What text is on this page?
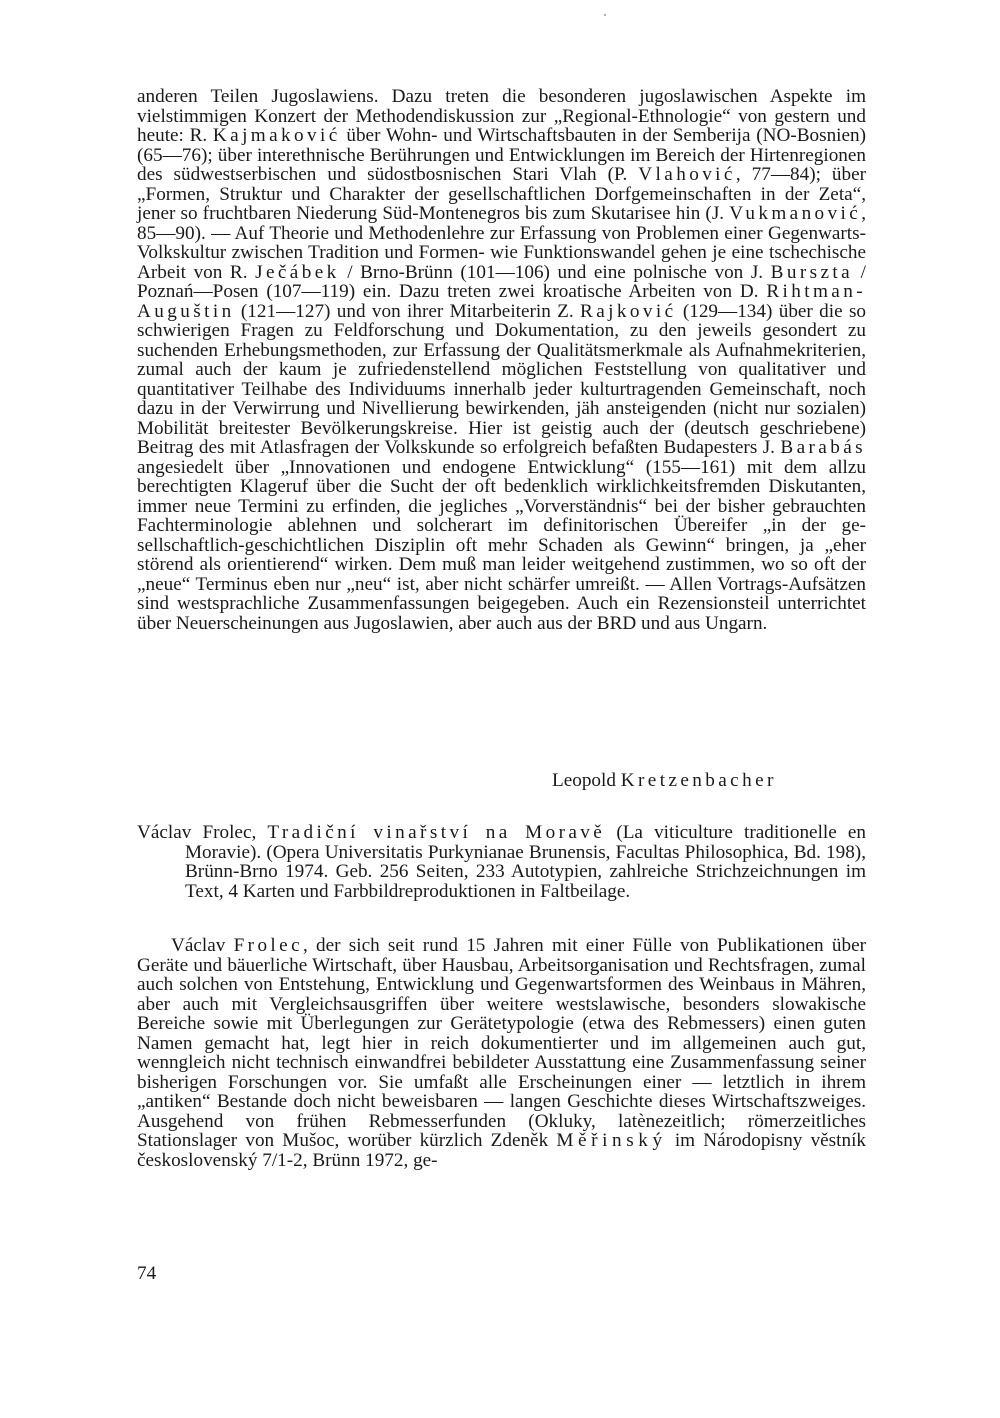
anderen Teilen Jugoslawiens. Dazu treten die besonderen jugoslawischen Aspekte im vielstimmigen Konzert der Methodendiskussion zur „Regional-Ethnologie“ von gestern und heute: R. Kajmaković über Wohn- und Wirtschaftsbauten in der Semberija (NO-Bosnien) (65—76); über interethnische Berührungen und Entwicklungen im Bereich der Hirtenregionen des südwestserbischen und südostbosnischen Stari Vlah (P. Vlahović, 77—84); über „Formen, Struktur und Charakter der gesellschaftlichen Dorfgemeinschaften in der Zeta“, jener so fruchtbaren Niederung Süd-Montenegros bis zum Skutarisee hin (J. Vukmanović, 85—90). — Auf Theorie und Methodenlehre zur Erfassung von Problemen einer Gegenwarts-Volkskultur zwischen Tradition und Formen- wie Funktionswandel gehen je eine tschechische Arbeit von R. Ječábek / Brno-Brünn (101—106) und eine polnische von J. Burszta / Poznań—Posen (107—119) ein. Dazu treten zwei kroatische Arbeiten von D. Rihtman-Auguštin (121—127) und von ihrer Mitarbeiterin Z. Rajković (129—134) über die so schwierigen Fragen zu Feldforschung und Dokumentation, zu den jeweils gesondert zu suchenden Erhebungsmethoden, zur Erfassung der Qualitätsmerkmale als Aufnahmekriterien, zumal auch der kaum je zufriedenstellend möglichen Feststellung von qualitativer und quantitativer Teilhabe des Individuums innerhalb jeder kulturtragenden Gemeinschaft, noch dazu in der Verwirrung und Nivellierung bewirkenden, jäh ansteigenden (nicht nur sozialen) Mobilität breitester Bevölkerungskreise. Hier ist geistig auch der (deutsch geschriebene) Beitrag des mit Atlasfragen der Volkskunde so erfolgreich befaßten Budapesters J. Barabás angesiedelt über „Innovationen und endogene Entwicklung“ (155—161) mit dem allzu berechtigten Klageruf über die Sucht der oft bedenklich wirklichkeitsfremden Diskutanten, immer neue Termini zu erfinden, die jegliches „Vorverständnis“ bei der bisher gebrauchten Fachterminologie ablehnen und solcherart im definitorischen Übereifer „in der gesellschaftlich-geschichtlichen Disziplin oft mehr Schaden als Gewinn“ bringen, ja „eher störend als orientierend“ wirken. Dem muß man leider weitgehend zustimmen, wo so oft der „neue“ Terminus eben nur „neu“ ist, aber nicht schärfer umreißt. — Allen Vortrags-Aufsätzen sind westsprachliche Zusammenfassungen beigegeben. Auch ein Rezensionsteil unterrichtet über Neuerscheinungen aus Jugoslawien, aber auch aus der BRD und aus Ungarn.

Leopold Kretzenbacher

Václav Frolec, Tradiční vinařství na Moravě (La viticulture traditionelle en Moravie). (Opera Universitatis Purkynianae Brunensis, Facultas Philosophica, Bd. 198), Brünn-Brno 1974. Geb. 256 Seiten, 233 Autotypien, zahlreiche Strichzeichnungen im Text, 4 Karten und Farbbildreproduktionen in Faltbeilage.

Václav Frolec, der sich seit rund 15 Jahren mit einer Fülle von Publikationen über Geräte und bäuerliche Wirtschaft, über Hausbau, Arbeitsorganisation und Rechtsfragen, zumal auch solchen von Entstehung, Entwicklung und Gegenwartsformen des Weinbaus in Mähren, aber auch mit Vergleichsausgriffen über weitere westslawische, besonders slowakische Bereiche sowie mit Überlegungen zur Gerätetypologie (etwa des Rebmessers) einen guten Namen gemacht hat, legt hier in reich dokumentierter und im allgemeinen auch gut, wenngleich nicht technisch einwandfrei bebildeter Ausstattung eine Zusammenfassung seiner bisherigen Forschungen vor. Sie umfaßt alle Erscheinungen einer — letztlich in ihrem „antiken“ Bestande doch nicht beweisbaren — langen Geschichte dieses Wirtschaftszweiges. Ausgehend von frühen Rebmesserfunden (Okluky, latènezeitlich; römerzeitliches Stationslager von Mušoc, worüber kürzlich Zdeněk Měřinský im Národopisny věstník československý 7/1-2, Brünn 1972, ge-

74
